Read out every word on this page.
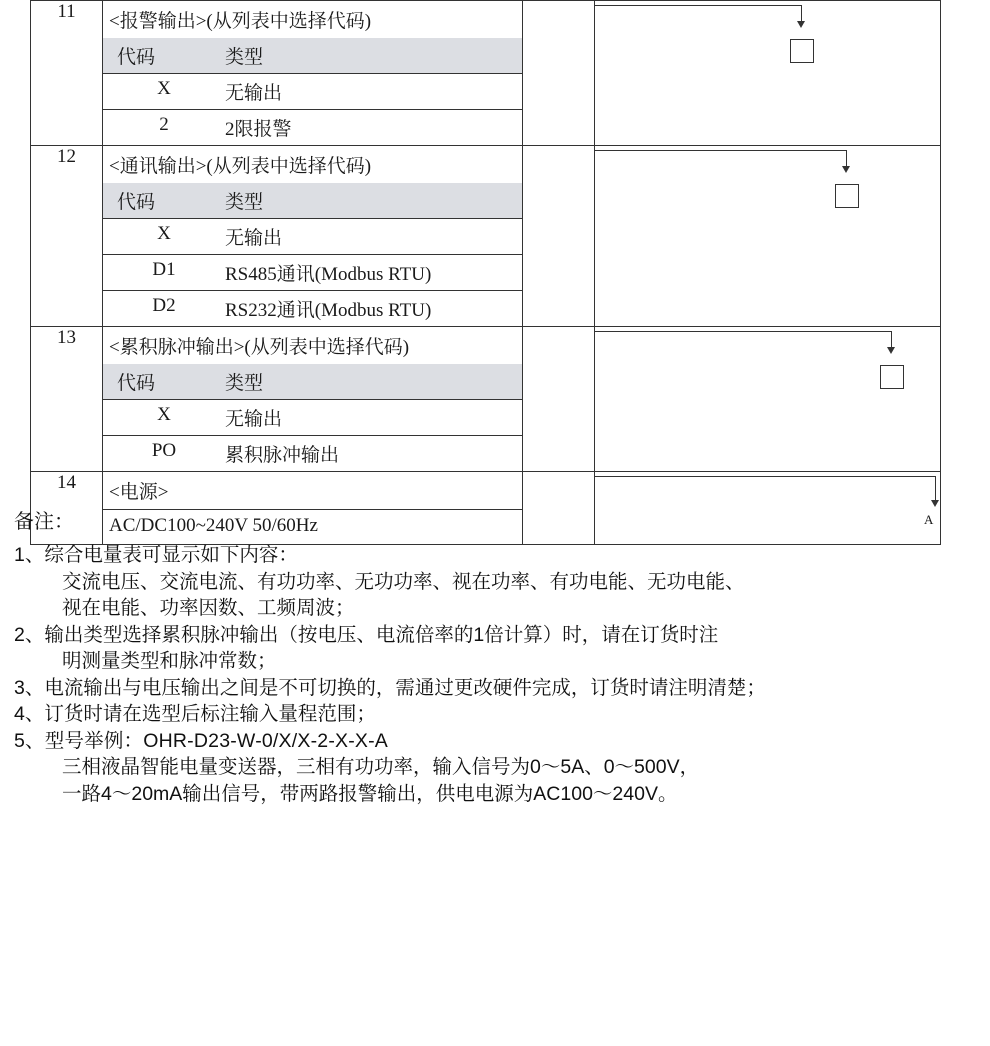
11	<报警输出>(从列表中选择代码)
代码	类型
X	无输出
2	2限报警

12	<通讯输出>(从列表中选择代码)
代码	类型
X	无输出
D1	RS485通讯(Modbus RTU)
D2	RS232通讯(Modbus RTU)

13	<累积脉冲输出>(从列表中选择代码)
代码	类型
X	无输出
PO	累积脉冲输出

14	<电源>
AC/DC100~240V 50/60Hz		A
备注：
1、综合电量表可显示如下内容：
交流电压、交流电流、有功功率、无功功率、视在功率、有功电能、无功电能、
视在电能、功率因数、工频周波；
2、输出类型选择累积脉冲输出（按电压、电流倍率的1倍计算）时，请在订货时注
明测量类型和脉冲常数；
3、电流输出与电压输出之间是不可切换的，需通过更改硬件完成，订货时请注明清楚；
4、订货时请在选型后标注输入量程范围；
5、型号举例：OHR-D23-W-0/X/X-2-X-X-A
三相液晶智能电量变送器，三相有功功率，输入信号为0～5A、0～500V，
一路4～20mA输出信号，带两路报警输出，供电电源为AC100～240V。
